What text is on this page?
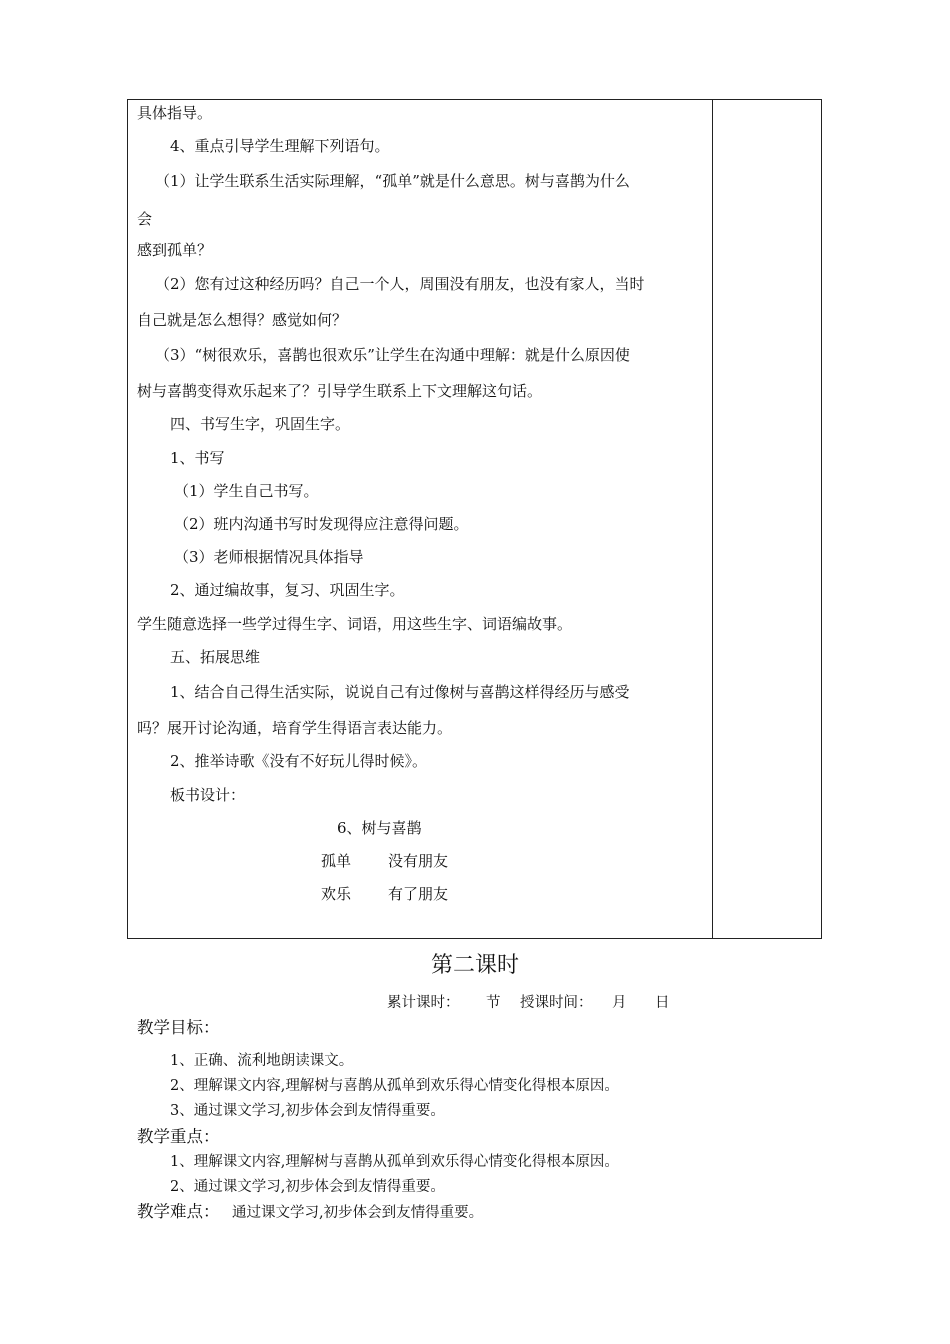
具体指导。
4、重点引导学生理解下列语句。
（1）让学生联系生活实际理解，“孤单”就是什么意思。树与喜鹊为什么
会
感到孤单？
（2）您有过这种经历吗？自己一个人，周围没有朋友，也没有家人，当时
自己就是怎么想得？感觉如何？
（3）“树很欢乐，喜鹊也很欢乐”让学生在沟通中理解：就是什么原因使
树与喜鹊变得欢乐起来了？引导学生联系上下文理解这句话。
四、书写生字，巩固生字。
1、书写
（1）学生自己书写。
（2）班内沟通书写时发现得应注意得问题。
（3）老师根据情况具体指导
2、通过编故事，复习、巩固生字。
学生随意选择一些学过得生字、词语，用这些生字、词语编故事。
五、拓展思维
1、结合自己得生活实际，说说自己有过像树与喜鹊这样得经历与感受
吗？展开讨论沟通，培育学生得语言表达能力。
2、推举诗歌《没有不好玩儿得时候》。
板书设计：
6、树与喜鹊
孤单 没有朋友
欢乐 有了朋友
第二课时
累计课时： 节 授课时间： 月 日
教学目标：
1、正确、流利地朗读课文。
2、理解课文内容,理解树与喜鹊从孤单到欢乐得心情变化得根本原因。
3、通过课文学习,初步体会到友情得重要。
教学重点：
1、理解课文内容,理解树与喜鹊从孤单到欢乐得心情变化得根本原因。
2、通过课文学习,初步体会到友情得重要。
教学难点： 通过课文学习,初步体会到友情得重要。
